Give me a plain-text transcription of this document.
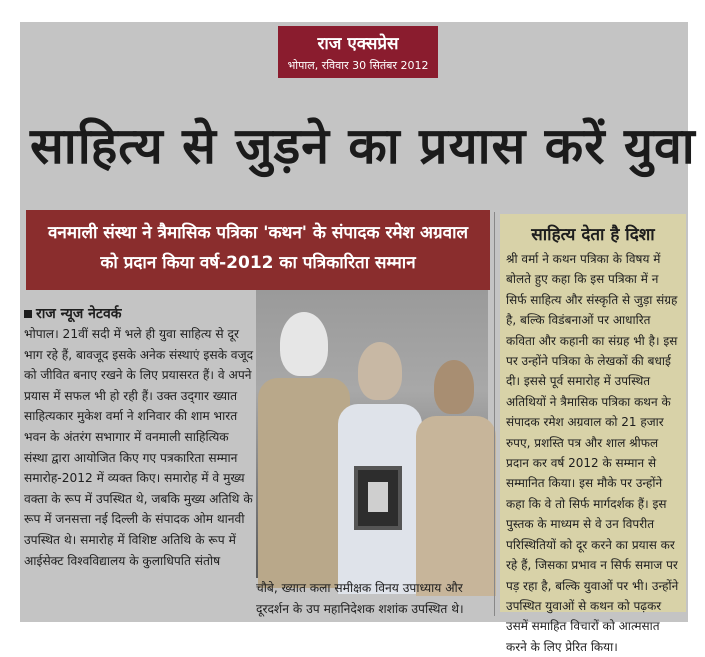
राज एक्सप्रेस
भोपाल, रविवार 30 सितंबर 2012
साहित्य से जुड़ने का प्रयास करें युवा
वनमाली संस्था ने त्रैमासिक पत्रिका 'कथन' के संपादक रमेश अग्रवाल
को प्रदान किया वर्ष-2012 का पत्रिकारिता सम्मान
राज न्यूज नेटवर्क

भोपाल। 21वीं सदी में भले ही युवा साहित्य से दूर भाग रहे हैं, बावजूद इसके अनेक संस्थाएं इसके वजूद को जीवित बनाए रखने के लिए प्रयासरत हैं। वे अपने प्रयास में सफल भी हो रही हैं। उक्त उद्‌गार ख्यात साहित्यकार मुकेश वर्मा ने शनिवार की शाम भारत भवन के अंतरंग सभागार में वनमाली साहित्यिक संस्था द्वारा आयोजित किए गए पत्रकारिता सम्मान समारोह-2012 में व्यक्त किए। समारोह में वे मुख्य वक्ता के रूप में उपस्थित थे, जबकि मुख्य अतिथि के रूप में जनसत्ता नई दिल्ली के संपादक ओम थानवी उपस्थित थे। समारोह में विशिष्ट अतिथि के रूप में आईसेक्ट विश्वविद्यालय के कुलाधिपति संतोष

चौबे, ख्यात कला समीक्षक विनय उपाध्याय और दूरदर्शन के उप महानिदेशक शशांक उपस्थित थे।
साहित्य देता है दिशा
श्री वर्मा ने कथन पत्रिका के विषय में बोलते हुए कहा कि इस पत्रिका में न सिर्फ साहित्य और संस्कृति से जुड़ा संग्रह है, बल्कि विडंबनाओं पर आधारित कविता और कहानी का संग्रह भी है। इस पर उन्होंने पत्रिका के लेखकों की बधाई दी। इससे पूर्व समारोह में उपस्थित अतिथियों ने त्रैमासिक पत्रिका कथन के संपादक रमेश अग्रवाल को 21 हजार रुपए, प्रशस्ति पत्र और शाल श्रीफल प्रदान कर वर्ष 2012 के सम्मान से सम्मानित किया। इस मौके पर उन्होंने कहा कि वे तो सिर्फ मार्गदर्शक हैं। इस पुस्तक के माध्यम से वे उन विपरीत परिस्थितियों को दूर करने का प्रयास कर रहे हैं, जिसका प्रभाव न सिर्फ समाज पर पड़ रहा है, बल्कि युवाओं पर भी। उन्होंने उपस्थित युवाओं से कथन को पढ़कर उसमें समाहित विचारों को आत्मसात करने के लिए प्रेरित किया।
